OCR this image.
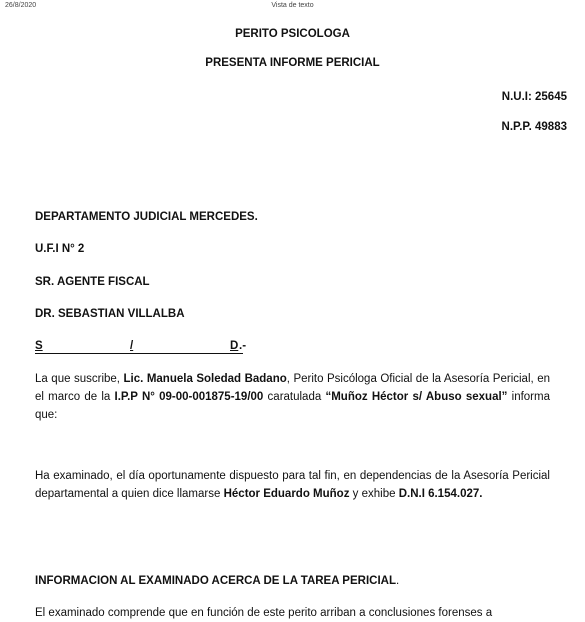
26/8/2020	Vista de texto
PERITO PSICOLOGA
PRESENTA INFORME PERICIAL
N.U.I: 25645
N.P.P. 49883
DEPARTAMENTO JUDICIAL MERCEDES.
U.F.I N° 2
SR. AGENTE FISCAL
DR. SEBASTIAN VILLALBA
S	/	D .-
La que suscribe, Lic. Manuela Soledad Badano, Perito Psicóloga Oficial de la Asesoría Pericial, en el marco de la I.P.P N° 09-00-001875-19/00 caratulada “Muñoz Héctor s/ Abuso sexual” informa que:
Ha examinado, el día oportunamente dispuesto para tal fin, en dependencias de la Asesoría Pericial departamental a quien dice llamarse Héctor Eduardo Muñoz y exhibe D.N.I 6.154.027.
INFORMACION AL EXAMINADO ACERCA DE LA TAREA PERICIAL.
El examinado comprende que en función de este perito arriban a conclusiones forenses a
